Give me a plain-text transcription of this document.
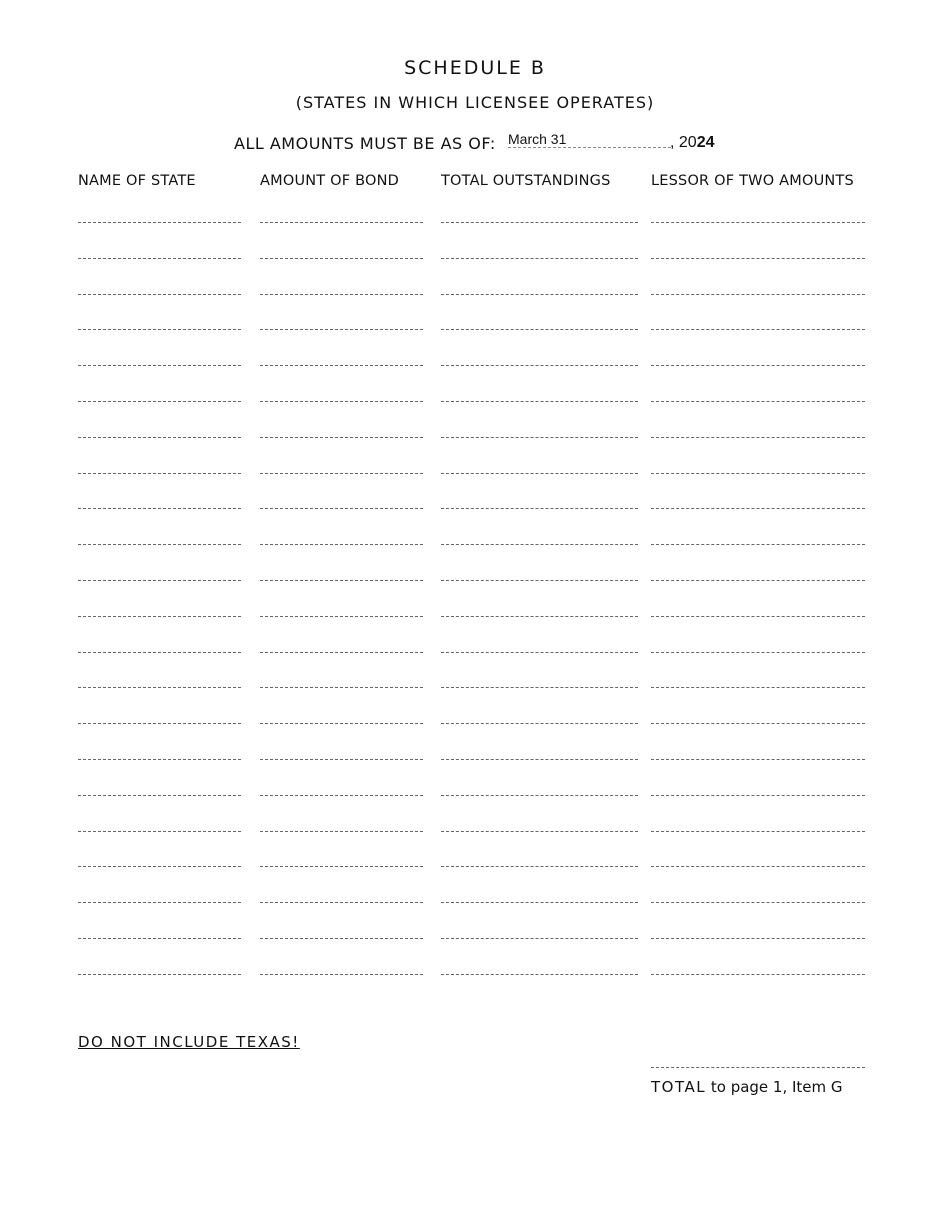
SCHEDULE B
(STATES IN WHICH LICENSEE OPERATES)
ALL AMOUNTS MUST BE AS OF: March 31	, 2024
NAME OF STATE	AMOUNT OF BOND	TOTAL OUTSTANDINGS	LESSOR OF TWO AMOUNTS
DO NOT INCLUDE TEXAS!
TOTAL to page 1, Item G
